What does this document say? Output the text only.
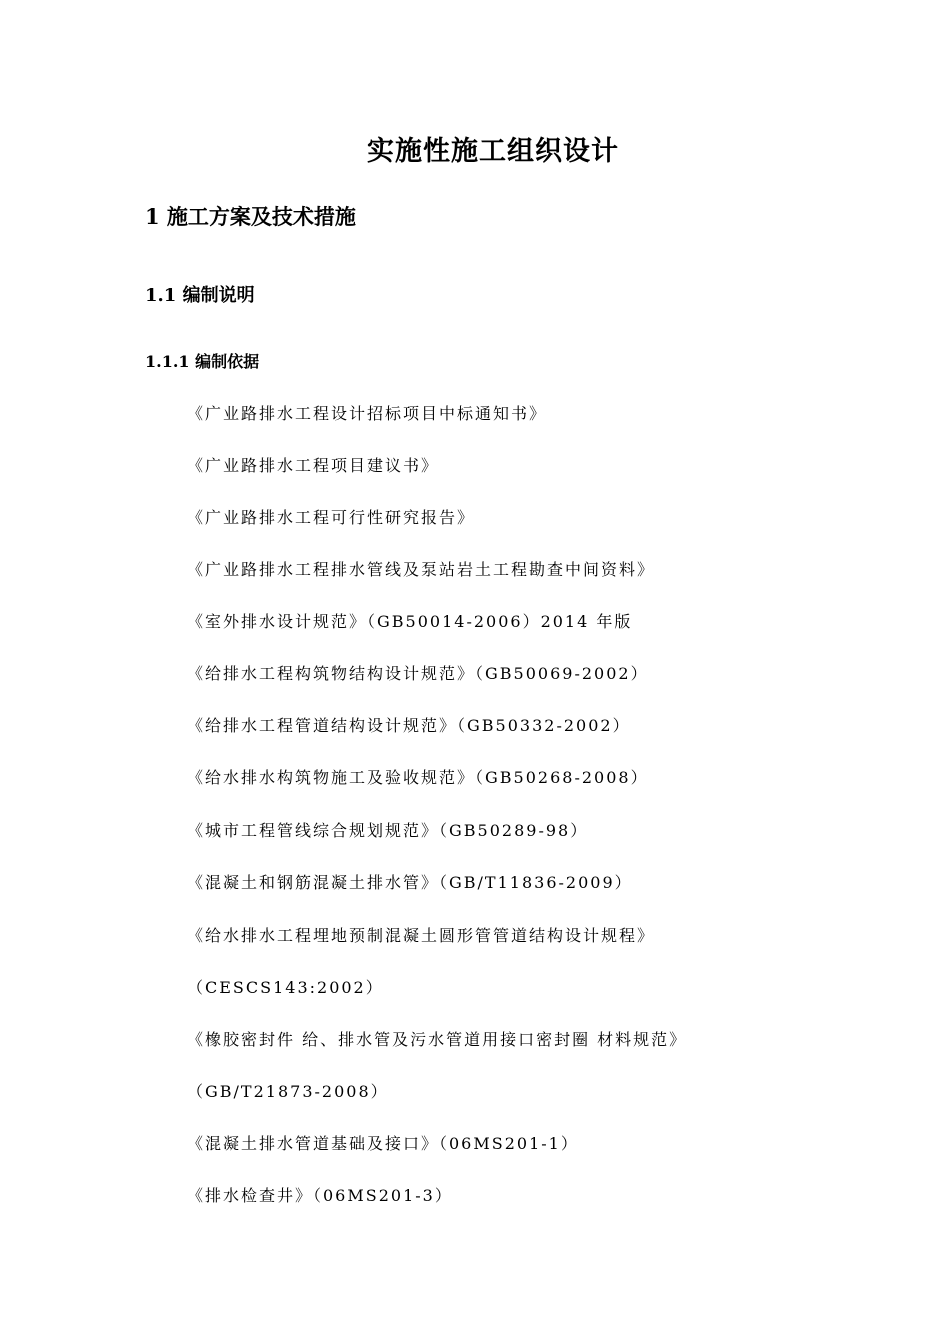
实施性施工组织设计
1 施工方案及技术措施
1.1 编制说明
1.1.1 编制依据
《广业路排水工程设计招标项目中标通知书》
《广业路排水工程项目建议书》
《广业路排水工程可行性研究报告》
《广业路排水工程排水管线及泵站岩土工程勘查中间资料》
《室外排水设计规范》（GB50014-2006）2014 年版
《给排水工程构筑物结构设计规范》（GB50069-2002）
《给排水工程管道结构设计规范》（GB50332-2002）
《给水排水构筑物施工及验收规范》（GB50268-2008）
《城市工程管线综合规划规范》（GB50289-98）
《混凝土和钢筋混凝土排水管》（GB/T11836-2009）
《给水排水工程埋地预制混凝土圆形管管道结构设计规程》
（CESCS143:2002）
《橡胶密封件 给、排水管及污水管道用接口密封圈 材料规范》
（GB/T21873-2008）
《混凝土排水管道基础及接口》（06MS201-1）
《排水检查井》（06MS201-3）
